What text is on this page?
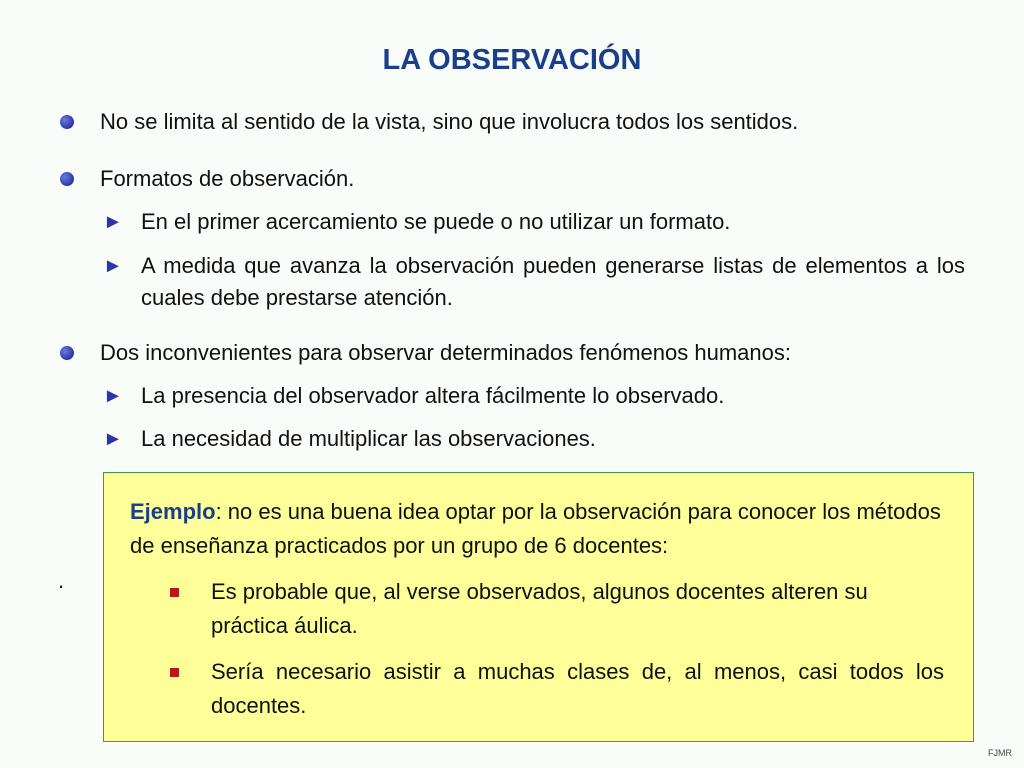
LA OBSERVACIÓN
No se limita al sentido de la vista, sino que involucra todos los sentidos.
Formatos de observación.
► En el primer acercamiento se puede o no utilizar un formato.
► A medida que avanza la observación pueden generarse listas de elementos a los cuales debe prestarse atención.
Dos inconvenientes para observar determinados fenómenos humanos:
► La presencia del observador altera fácilmente lo observado.
► La necesidad de multiplicar las observaciones.
.
Ejemplo: no es una buena idea optar por la observación para conocer los métodos de enseñanza practicados por un grupo de 6 docentes:
Es probable que, al verse observados, algunos docentes alteren su práctica áulica.
Sería necesario asistir a muchas clases de, al menos, casi todos los docentes.
FJMR
